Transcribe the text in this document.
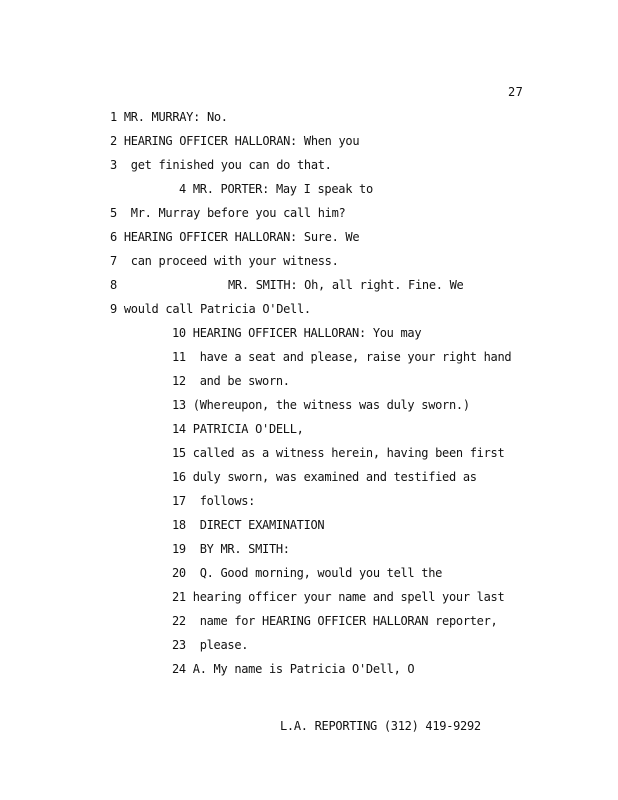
27
1 MR. MURRAY: No.
2 HEARING OFFICER HALLORAN: When you
3  get finished you can do that.
4 MR. PORTER: May I speak to
5  Mr. Murray before you call him?
6 HEARING OFFICER HALLORAN: Sure. We
7  can proceed with your witness.
8	MR. SMITH: Oh, all right. Fine. We
9 would call Patricia O'Dell.
10 HEARING OFFICER HALLORAN: You may
11  have a seat and please, raise your right hand
12  and be sworn.
13 (Whereupon, the witness was duly sworn.)
14 PATRICIA O'DELL,
15 called as a witness herein, having been first
16 duly sworn, was examined and testified as
17  follows:
18  DIRECT EXAMINATION
19  BY MR. SMITH:
20  Q. Good morning, would you tell the
21 hearing officer your name and spell your last
22  name for HEARING OFFICER HALLORAN reporter,
23  please.
24 A. My name is Patricia O'Dell, O
L.A. REPORTING (312) 419-9292
